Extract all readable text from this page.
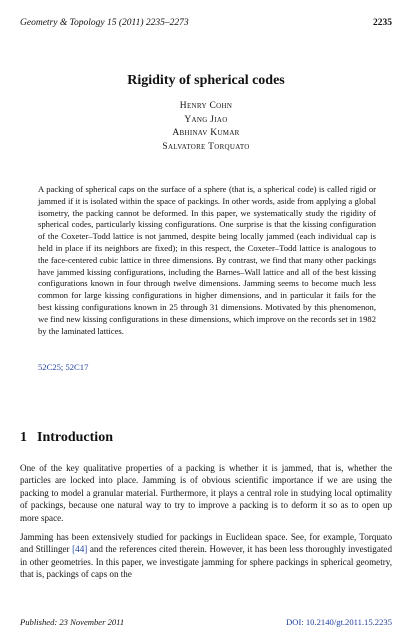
Geometry & Topology 15 (2011) 2235–2273	2235
Rigidity of spherical codes
Henry Cohn
Yang Jiao
Abhinav Kumar
Salvatore Torquato
A packing of spherical caps on the surface of a sphere (that is, a spherical code) is called rigid or jammed if it is isolated within the space of packings. In other words, aside from applying a global isometry, the packing cannot be deformed. In this paper, we systematically study the rigidity of spherical codes, particularly kissing configurations. One surprise is that the kissing configuration of the Coxeter–Todd lattice is not jammed, despite being locally jammed (each individual cap is held in place if its neighbors are fixed); in this respect, the Coxeter–Todd lattice is analogous to the face-centered cubic lattice in three dimensions. By contrast, we find that many other packings have jammed kissing configurations, including the Barnes–Wall lattice and all of the best kissing configurations known in four through twelve dimensions. Jamming seems to become much less common for large kissing configurations in higher dimensions, and in particular it fails for the best kissing configurations known in 25 through 31 dimensions. Motivated by this phenomenon, we find new kissing configurations in these dimensions, which improve on the records set in 1982 by the laminated lattices.
52C25; 52C17
1 Introduction

One of the key qualitative properties of a packing is whether it is jammed, that is, whether the particles are locked into place. Jamming is of obvious scientific importance if we are using the packing to model a granular material. Furthermore, it plays a central role in studying local optimality of packings, because one natural way to try to improve a packing is to deform it so as to open up more space.

Jamming has been extensively studied for packings in Euclidean space. See, for example, Torquato and Stillinger [44] and the references cited therein. However, it has been less thoroughly investigated in other geometries. In this paper, we investigate jamming for sphere packings in spherical geometry, that is, packings of caps on the

Published: 23 November 2011	DOI: 10.2140/gt.2011.15.2235
